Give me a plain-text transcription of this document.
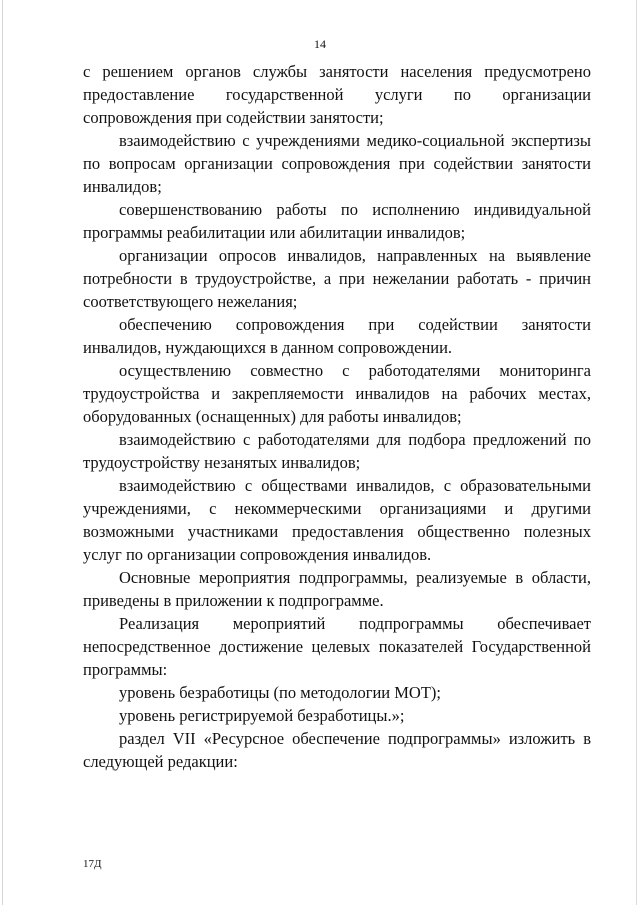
14

с решением органов службы занятости населения предусмотрено предоставление государственной услуги по организации сопровождения при содействии занятости;

взаимодействию с учреждениями медико-социальной экспертизы по вопросам организации сопровождения при содействии занятости инвалидов;

совершенствованию работы по исполнению индивидуальной программы реабилитации или абилитации инвалидов;

организации опросов инвалидов, направленных на выявление потребности в трудоустройстве, а при нежелании работать - причин соответствующего нежелания;

обеспечению сопровождения при содействии занятости инвалидов, нуждающихся в данном сопровождении.

осуществлению совместно с работодателями мониторинга трудоустройства и закрепляемости инвалидов на рабочих местах, оборудованных (оснащенных) для работы инвалидов;

взаимодействию с работодателями для подбора предложений по трудоустройству незанятых инвалидов;

взаимодействию с обществами инвалидов, с образовательными учреждениями, с некоммерческими организациями и другими возможными участниками предоставления общественно полезных услуг по организации сопровождения инвалидов.

Основные мероприятия подпрограммы, реализуемые в области, приведены в приложении к подпрограмме.

Реализация мероприятий подпрограммы обеспечивает непосредственное достижение целевых показателей Государственной программы:

уровень безработицы (по методологии МОТ);

уровень регистрируемой безработицы.»;

раздел VII «Ресурсное обеспечение подпрограммы» изложить в следующей редакции:

17Д
